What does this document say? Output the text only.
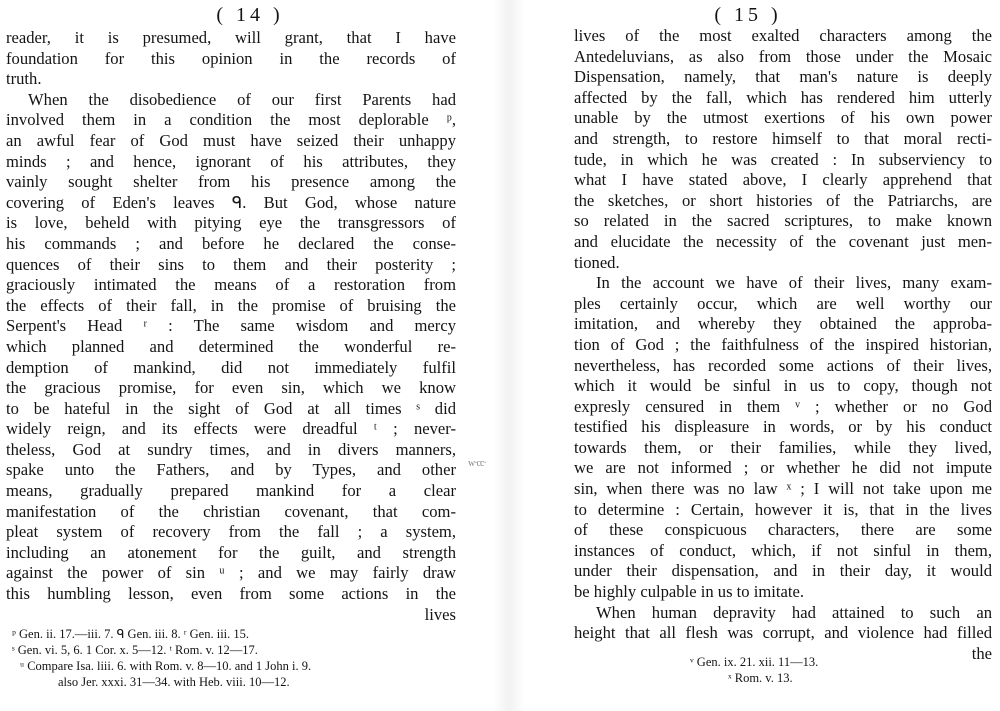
( 14 )
reader, it is presumed, will grant, that I have
foundation for this opinion in the records of
truth.
When the disobedience of our first Parents had
involved them in a condition the most deplorable ᵖ,
an awful fear of God must have seized their unhappy
minds ; and hence, ignorant of his attributes, they
vainly sought shelter from his presence among the
covering of Eden's leaves ᑫ. But God, whose nature
is love, beheld with pitying eye the transgressors of
his commands ; and before he declared the conse-
quences of their sins to them and their posterity ;
graciously intimated the means of a restoration from
the effects of their fall, in the promise of bruising the
Serpent's Head ʳ : The same wisdom and mercy
which planned and determined the wonderful re-
demption of mankind, did not immediately fulfil
the gracious promise, for even sin, which we know
to be hateful in the sight of God at all times ˢ did
widely reign, and its effects were dreadful ᵗ ; never-
theless, God at sundry times, and in divers manners,
spake unto the Fathers, and by Types, and other
means, gradually prepared mankind for a clear
manifestation of the christian covenant, that com-
pleat system of recovery from the fall ; a system,
including an atonement for the guilt, and strength
against the power of sin ᵘ ; and we may fairly draw
this humbling lesson, even from some actions in the
lives
ᵖ Gen. ii. 17.—iii. 7. ᑫ Gen. iii. 8. ʳ Gen. iii. 15.
ˢ Gen. vi. 5, 6. 1 Cor. x. 5—12. ᵗ Rom. v. 12—17.
ᵘ Compare Isa. liii. 6. with Rom. v. 8—10. and 1 John i. 9.
also Jer. xxxi. 31—34. with Heb. viii. 10—12.
w·cc·
( 15 )
lives of the most exalted characters among the
Antedeluvians, as also from those under the Mosaic
Dispensation, namely, that man's nature is deeply
affected by the fall, which has rendered him utterly
unable by the utmost exertions of his own power
and strength, to restore himself to that moral recti-
tude, in which he was created : In subserviency to
what I have stated above, I clearly apprehend that
the sketches, or short histories of the Patriarchs, are
so related in the sacred scriptures, to make known
and elucidate the necessity of the covenant just men-
tioned.
In the account we have of their lives, many exam-
ples certainly occur, which are well worthy our
imitation, and whereby they obtained the approba-
tion of God ; the faithfulness of the inspired historian,
nevertheless, has recorded some actions of their lives,
which it would be sinful in us to copy, though not
expresly censured in them ᵛ ; whether or no God
testified his displeasure in words, or by his conduct
towards them, or their families, while they lived,
we are not informed ; or whether he did not impute
sin, when there was no law ˣ ; I will not take upon me
to determine : Certain, however it is, that in the lives
of these conspicuous characters, there are some
instances of conduct, which, if not sinful in them,
under their dispensation, and in their day, it would
be highly culpable in us to imitate.
When human depravity had attained to such an
height that all flesh was corrupt, and violence had filled
the
ᵛ Gen. ix. 21. xii. 11—13.
ˣ Rom. v. 13.
